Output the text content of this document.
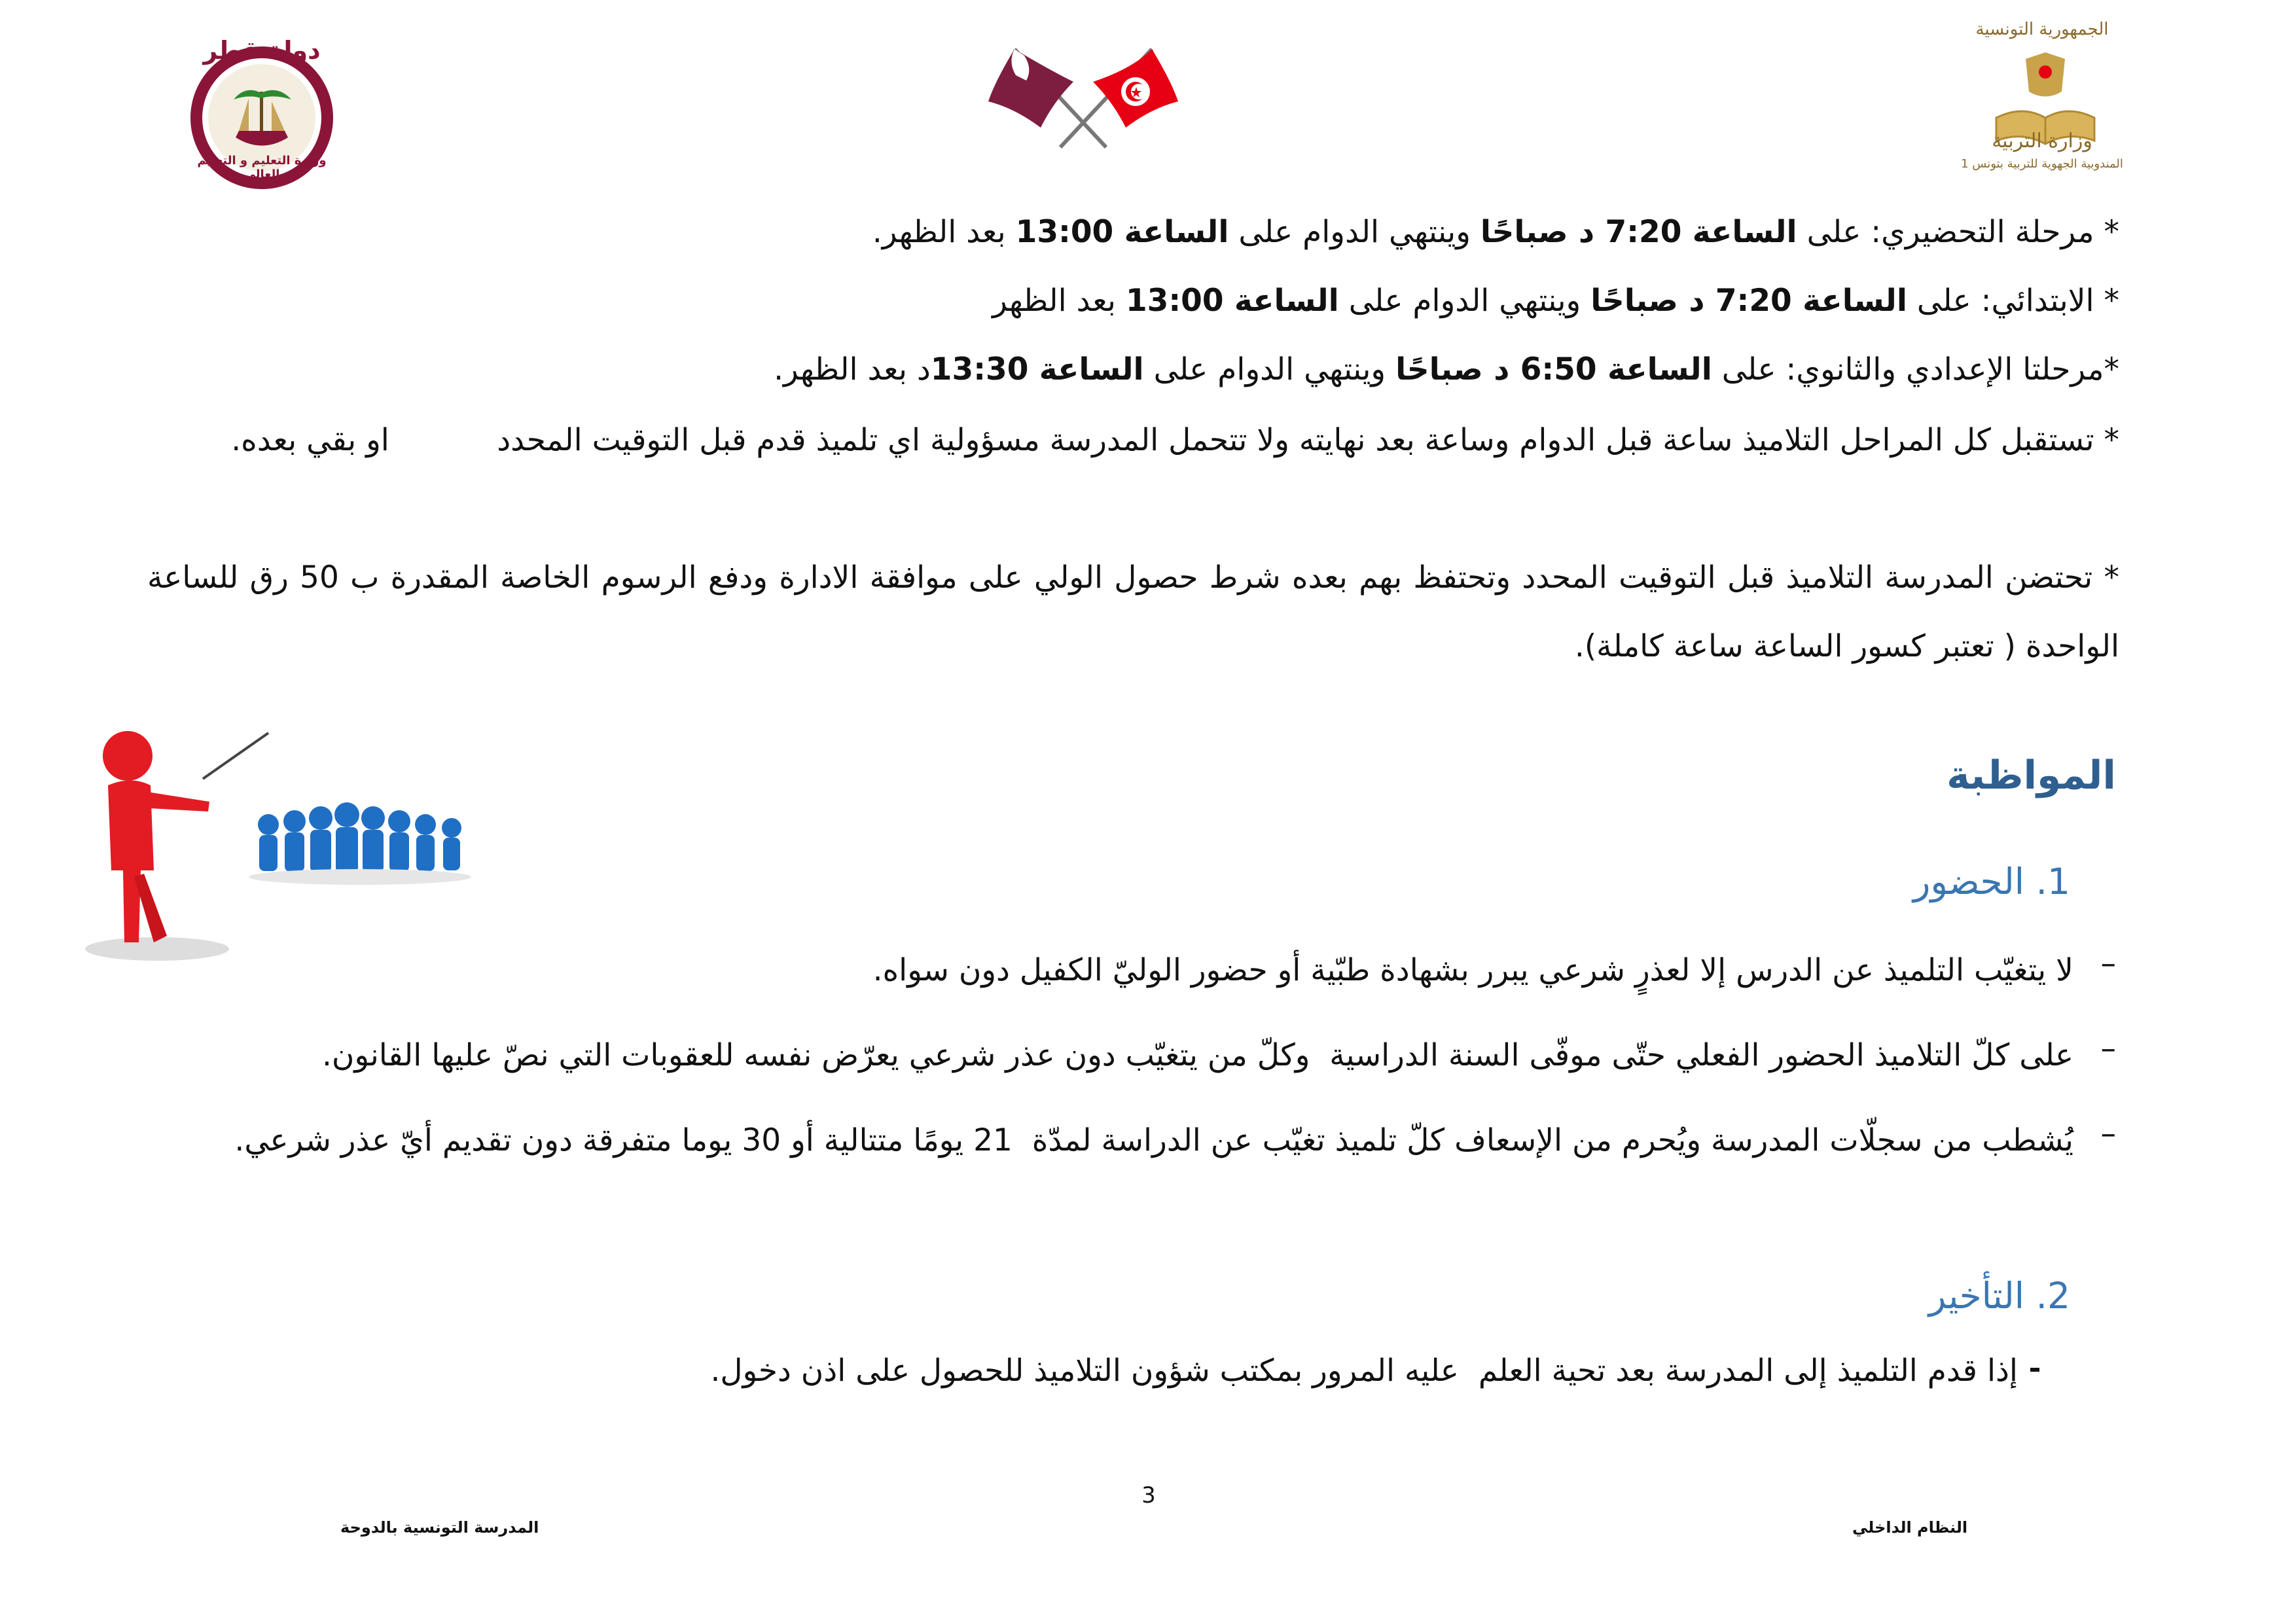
دولة قطر
وزارة التعليم و التعليم العالي
الجمهورية التونسية
وزارة التربية
المندوبية الجهوية للتربية بتونس 1
* مرحلة التحضيري: على الساعة 7:20 د صباحًا وينتهي الدوام على الساعة 13:00 بعد الظهر.
* الابتدائي: على الساعة 7:20 د صباحًا وينتهي الدوام على الساعة 13:00 بعد الظهر
*مرحلتا الإعدادي والثانوي: على الساعة 6:50 د صباحًا وينتهي الدوام على الساعة 13:30د بعد الظهر.
* تستقبل كل المراحل التلاميذ ساعة قبل الدوام وساعة بعد نهايته ولا تتحمل المدرسة مسؤولية اي تلميذ قدم قبل التوقيت المحدد           او بقي بعده.
* تحتضن المدرسة التلاميذ قبل التوقيت المحدد وتحتفظ بهم بعده شرط حصول الولي على موافقة الادارة ودفع الرسوم الخاصة المقدرة ب 50 رق للساعة الواحدة ( تعتبر كسور الساعة ساعة كاملة).
المواظبة
1. الحضور
–
لا يتغيّب التلميذ عن الدرس إلا لعذرٍ شرعي يبرر بشهادة طبّية أو حضور الوليّ الكفيل دون سواه.
–
على كلّ التلاميذ الحضور الفعلي حتّى موفّى السنة الدراسية  وكلّ من يتغيّب دون عذر شرعي يعرّض نفسه للعقوبات التي نصّ عليها القانون.
–
يُشطب من سجلّات المدرسة ويُحرم من الإسعاف كلّ تلميذ تغيّب عن الدراسة لمدّة  21 يومًا متتالية أو 30 يوما متفرقة دون تقديم أيّ عذر شرعي.
2. التأخير
إذا قدم التلميذ إلى المدرسة بعد تحية العلم  عليه المرور بمكتب شؤون التلاميذ للحصول على اذن دخول.
3
المدرسة التونسية بالدوحة	النظام الداخلي
